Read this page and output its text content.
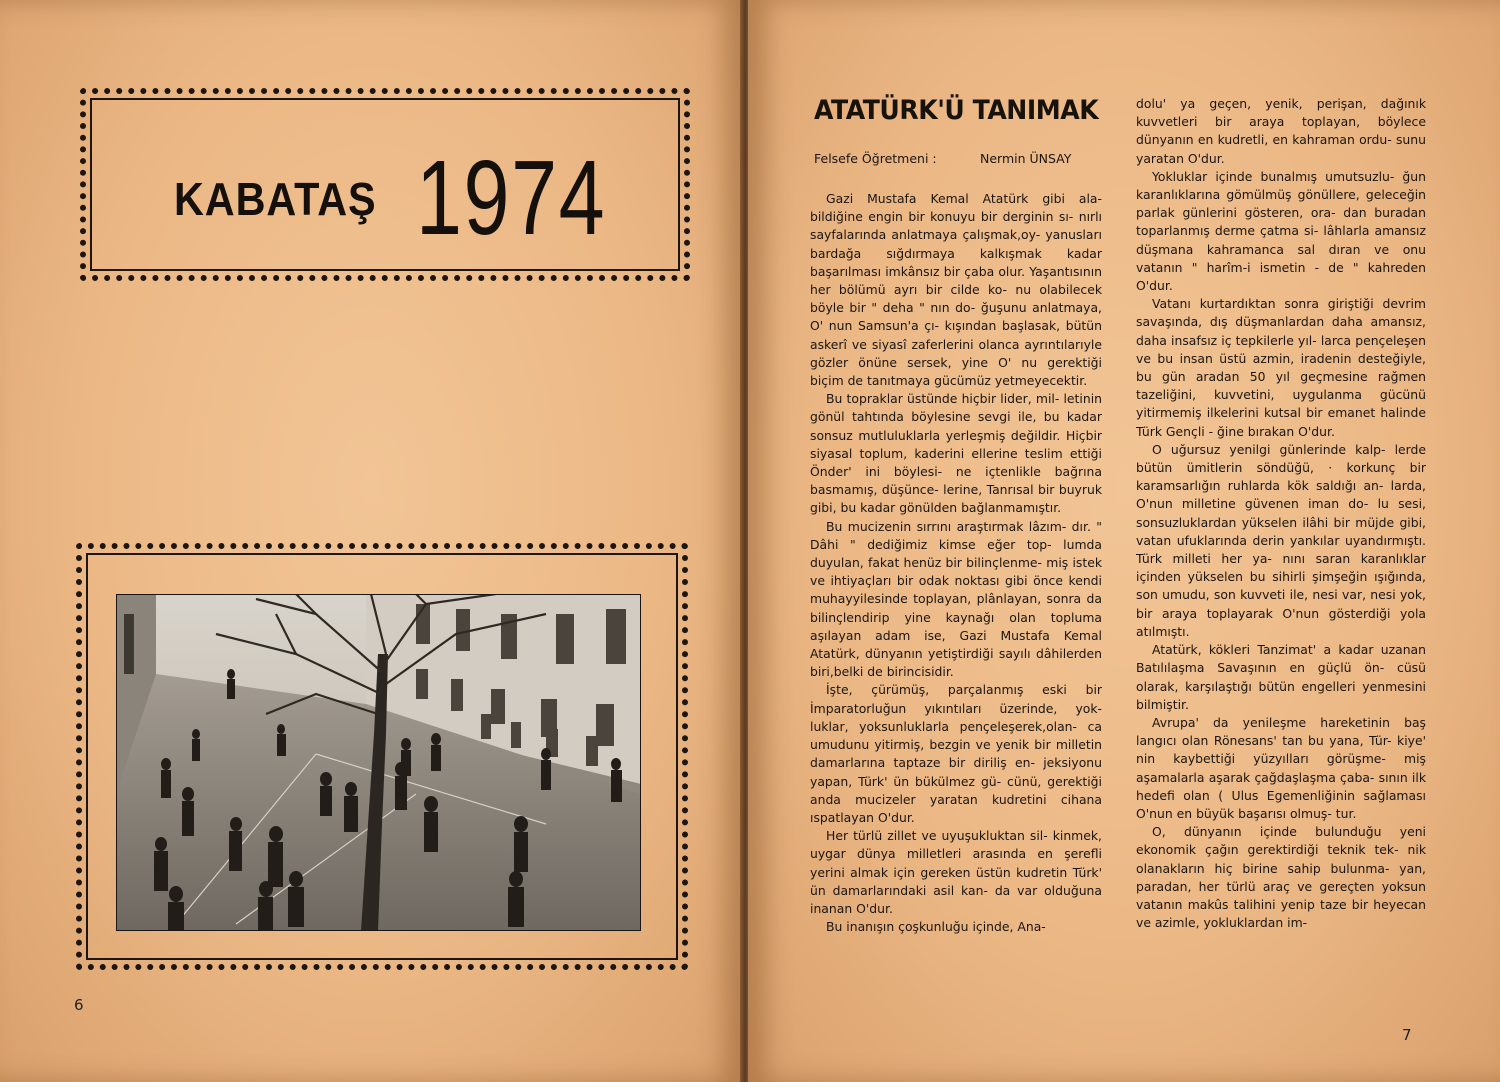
KABATAŞ 1974
6
ATATÜRK'Ü TANIMAK
Felsefe Öğretmeni :	Nermin ÜNSAY

Gazi Mustafa Kemal Atatürk gibi ala- bildiğine engin bir konuyu bir derginin sı- nırlı sayfalarında anlatmaya çalışmak,oy- yanusları bardağa sığdırmaya kalkışmak kadar başarılması imkânsız bir çaba olur. Yaşantısının her bölümü ayrı bir cilde ko- nu olabilecek böyle bir " deha " nın do- ğuşunu anlatmaya, O' nun Samsun'a çı- kışından başlasak, bütün askerî ve siyasî zaferlerini olanca ayrıntılarıyle gözler önüne sersek, yine O' nu gerektiği biçim de tanıtmaya gücümüz yetmeyecektir.

Bu topraklar üstünde hiçbir lider, mil- letinin gönül tahtında böylesine sevgi ile, bu kadar sonsuz mutluluklarla yerleşmiş değildir. Hiçbir siyasal toplum, kaderini ellerine teslim ettiği Önder' ini böylesi- ne içtenlikle bağrına basmamış, düşünce- lerine, Tanrısal bir buyruk gibi, bu kadar gönülden bağlanmamıştır.

Bu mucizenin sırrını araştırmak lâzım- dır. " Dâhi " dediğimiz kimse eğer top- lumda duyulan, fakat henüz bir bilinçlenme- miş istek ve ihtiyaçları bir odak noktası gibi önce kendi muhayyilesinde toplayan, plânlayan, sonra da bilinçlendirip yine kaynağı olan topluma aşılayan adam ise, Gazi Mustafa Kemal Atatürk, dünyanın yetiştirdiği sayılı dâhilerden biri,belki de birincisidir.

İşte, çürümüş, parçalanmış eski bir İmparatorluğun yıkıntıları üzerinde, yok- luklar, yoksunluklarla pençeleşerek,olan- ca umudunu yitirmiş, bezgin ve yenik bir milletin damarlarına taptaze bir diriliş en- jeksiyonu yapan, Türk' ün bükülmez gü- cünü, gerektiği anda mucizeler yaratan kudretini cihana ıspatlayan O'dur.

Her türlü zillet ve uyuşukluktan sil- kinmek, uygar dünya milletleri arasında en şerefli yerini almak için gereken üstün kudretin Türk' ün damarlarındaki asil kan- da var olduğuna inanan O'dur.

Bu inanışın çoşkunluğu içinde, Ana-

dolu' ya geçen, yenik, perişan, dağınık kuvvetleri bir araya toplayan, böylece dünyanın en kudretli, en kahraman ordu- sunu yaratan O'dur.

Yokluklar içinde bunalmış umutsuzlu- ğun karanlıklarına gömülmüş gönüllere, geleceğin parlak günlerini gösteren, ora- dan buradan toparlanmış derme çatma si- lâhlarla amansız düşmana kahramanca sal dıran ve onu vatanın " harîm-i ismetin - de " kahreden O'dur.

Vatanı kurtardıktan sonra giriştiği devrim savaşında, dış düşmanlardan daha amansız, daha insafsız iç tepkilerle yıl- larca pençeleşen ve bu insan üstü azmin, iradenin desteğiyle, bu gün aradan 50 yıl geçmesine rağmen tazeliğini, kuvvetini, uygulanma gücünü yitirmemiş ilkelerini kutsal bir emanet halinde Türk Gençli - ğine bırakan O'dur.

O uğursuz yenilgi günlerinde kalp- lerde bütün ümitlerin söndüğü, · korkunç bir karamsarlığın ruhlarda kök saldığı an- larda, O'nun milletine güvenen iman do- lu sesi, sonsuzluklardan yükselen ilâhi bir müjde gibi, vatan ufuklarında derin yankılar uyandırmıştı. Türk milleti her ya- nını saran karanlıklar içinden yükselen bu sihirli şimşeğin ışığında, son umudu, son kuvveti ile, nesi var, nesi yok, bir araya toplayarak O'nun gösterdiği yola atılmıştı.

Atatürk, kökleri Tanzimat' a kadar uzanan Batılılaşma Savaşının en güçlü ön- cüsü olarak, karşılaştığı bütün engelleri yenmesini bilmiştir.

Avrupa' da yenileşme hareketinin baş langıcı olan Rönesans' tan bu yana, Tür- kiye' nin kaybettiği yüzyılları görüşme- miş aşamalarla aşarak çağdaşlaşma çaba- sının ilk hedefi olan ( Ulus Egemenliğinin sağlaması O'nun en büyük başarısı olmuş- tur.

O, dünyanın içinde bulunduğu yeni ekonomik çağın gerektirdiği teknik tek- nik olanakların hiç birine sahip bulunma- yan, paradan, her türlü araç ve gereçten yoksun vatanın makûs talihini yenip taze bir heyecan ve azimle, yokluklardan im-

7
